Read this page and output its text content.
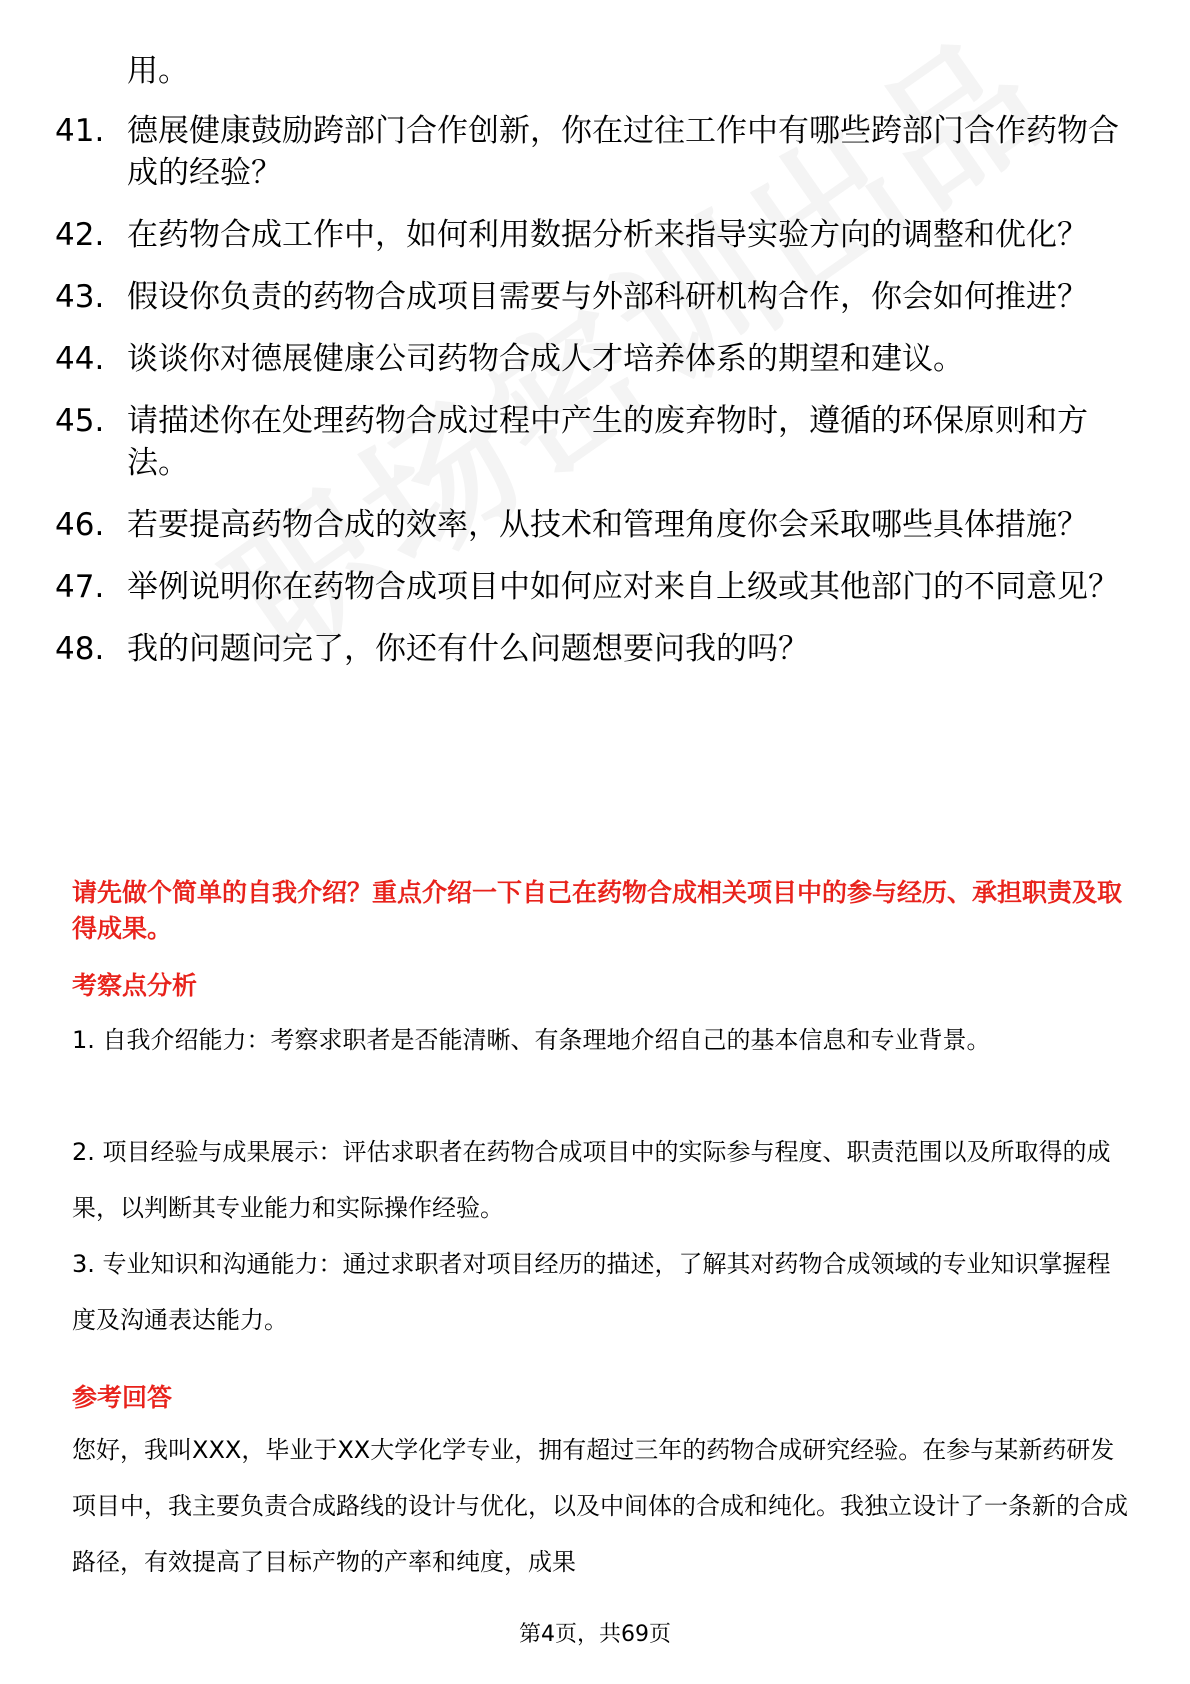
用。
41. 德展健康鼓励跨部门合作创新，你在过往工作中有哪些跨部门合作药物合成的经验？
42. 在药物合成工作中，如何利用数据分析来指导实验方向的调整和优化？
43. 假设你负责的药物合成项目需要与外部科研机构合作，你会如何推进？
44. 谈谈你对德展健康公司药物合成人才培养体系的期望和建议。
45. 请描述你在处理药物合成过程中产生的废弃物时，遵循的环保原则和方法。
46. 若要提高药物合成的效率，从技术和管理角度你会采取哪些具体措施？
47. 举例说明你在药物合成项目中如何应对来自上级或其他部门的不同意见？
48. 我的问题问完了，你还有什么问题想要问我的吗？
请先做个简单的自我介绍？重点介绍一下自己在药物合成相关项目中的参与经历、承担职责及取得成果。
考察点分析
1. 自我介绍能力：考察求职者是否能清晰、有条理地介绍自己的基本信息和专业背景。
2. 项目经验与成果展示：评估求职者在药物合成项目中的实际参与程度、职责范围以及所取得的成果，以判断其专业能力和实际操作经验。
3. 专业知识和沟通能力：通过求职者对项目经历的描述，了解其对药物合成领域的专业知识掌握程度及沟通表达能力。
参考回答
您好，我叫XXX，毕业于XX大学化学专业，拥有超过三年的药物合成研究经验。在参与某新药研发项目中，我主要负责合成路线的设计与优化，以及中间体的合成和纯化。我独立设计了一条新的合成路径，有效提高了目标产物的产率和纯度，成果
第4页，共69页
